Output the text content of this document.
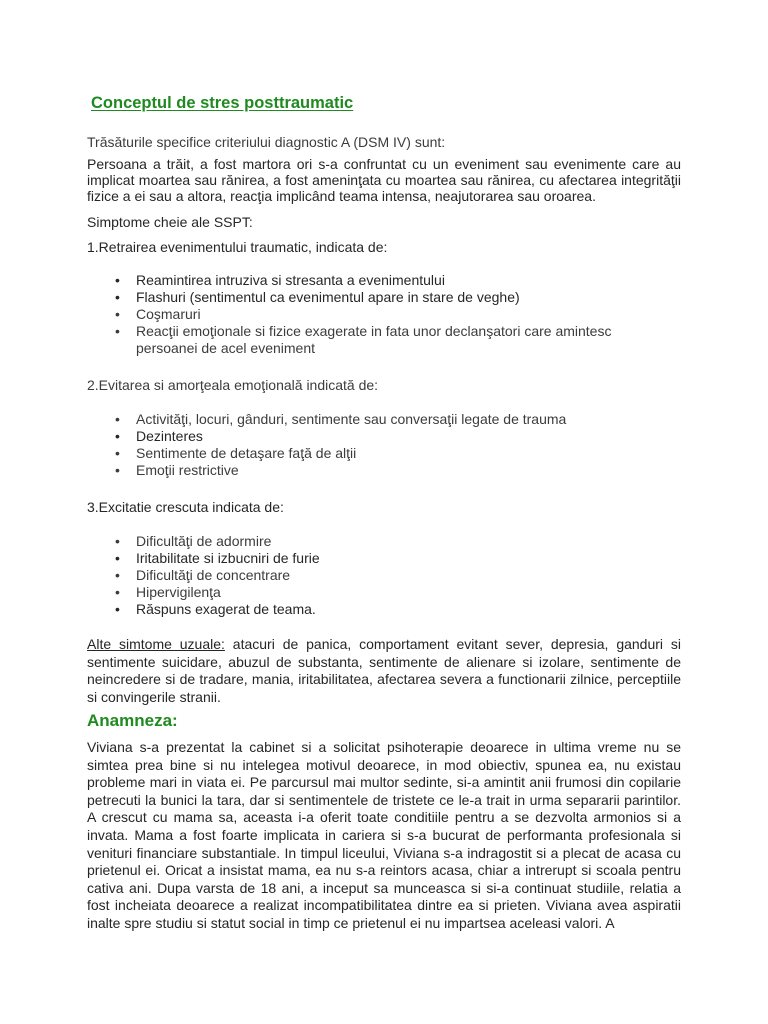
Conceptul de stres posttraumatic

Trăsăturile specifice criteriului diagnostic A (DSM IV) sunt:

Persoana a trăit, a fost martora ori s-a confruntat cu un eveniment sau evenimente care au implicat moartea sau rănirea, a fost ameninţata cu moartea sau rănirea, cu afectarea integrităţii fizice a ei sau a altora, reacţia implicând teama intensa, neajutorarea sau oroarea.

Simptome cheie ale SSPT:

1.Retrairea evenimentului traumatic, indicata de:

• Reamintirea intruziva si stresanta a evenimentului
• Flashuri (sentimentul ca evenimentul apare in stare de veghe)
• Coşmaruri
• Reacţii emoţionale si fizice exagerate in fata unor declanşatori care amintesc persoanei de acel eveniment

2.Evitarea si amorţeala emoţională indicată de:

• Activităţi, locuri, gânduri, sentimente sau conversaţii legate de trauma
• Dezinteres
• Sentimente de detaşare faţă de alţii
• Emoţii restrictive

3.Excitatie crescuta indicata de:

• Dificultăţi de adormire
• Iritabilitate si izbucniri de furie
• Dificultăţi de concentrare
• Hipervigilenţa
• Răspuns exagerat de teama.

Alte simtome uzuale: atacuri de panica, comportament evitant sever, depresia, ganduri si sentimente suicidare, abuzul de substanta, sentimente de alienare si izolare, sentimente de neincredere si de tradare, mania, iritabilitatea, afectarea severa a functionarii zilnice, perceptiile si convingerile stranii.

Anamneza:

Viviana s-a prezentat la cabinet si a solicitat psihoterapie deoarece in ultima vreme nu se simtea prea bine si nu intelegea motivul deoarece, in mod obiectiv, spunea ea, nu existau probleme mari in viata ei. Pe parcursul mai multor sedinte, si-a amintit anii frumosi din copilarie petrecuti la bunici la tara, dar si sentimentele de tristete ce le-a trait in urma separarii parintilor. A crescut cu mama sa, aceasta i-a oferit toate conditiile pentru a se dezvolta armonios si a invata. Mama a fost foarte implicata in cariera si s-a bucurat de performanta profesionala si venituri financiare substantiale. In timpul liceului, Viviana s-a indragostit si a plecat de acasa cu prietenul ei. Oricat a insistat mama, ea nu s-a reintors acasa, chiar a intrerupt si scoala pentru cativa ani. Dupa varsta de 18 ani, a inceput sa munceasca si si-a continuat studiile, relatia a fost incheiata deoarece a realizat incompatibilitatea dintre ea si prieten. Viviana avea aspiratii inalte spre studiu si statut social in timp ce prietenul ei nu impartsea aceleasi valori. A
